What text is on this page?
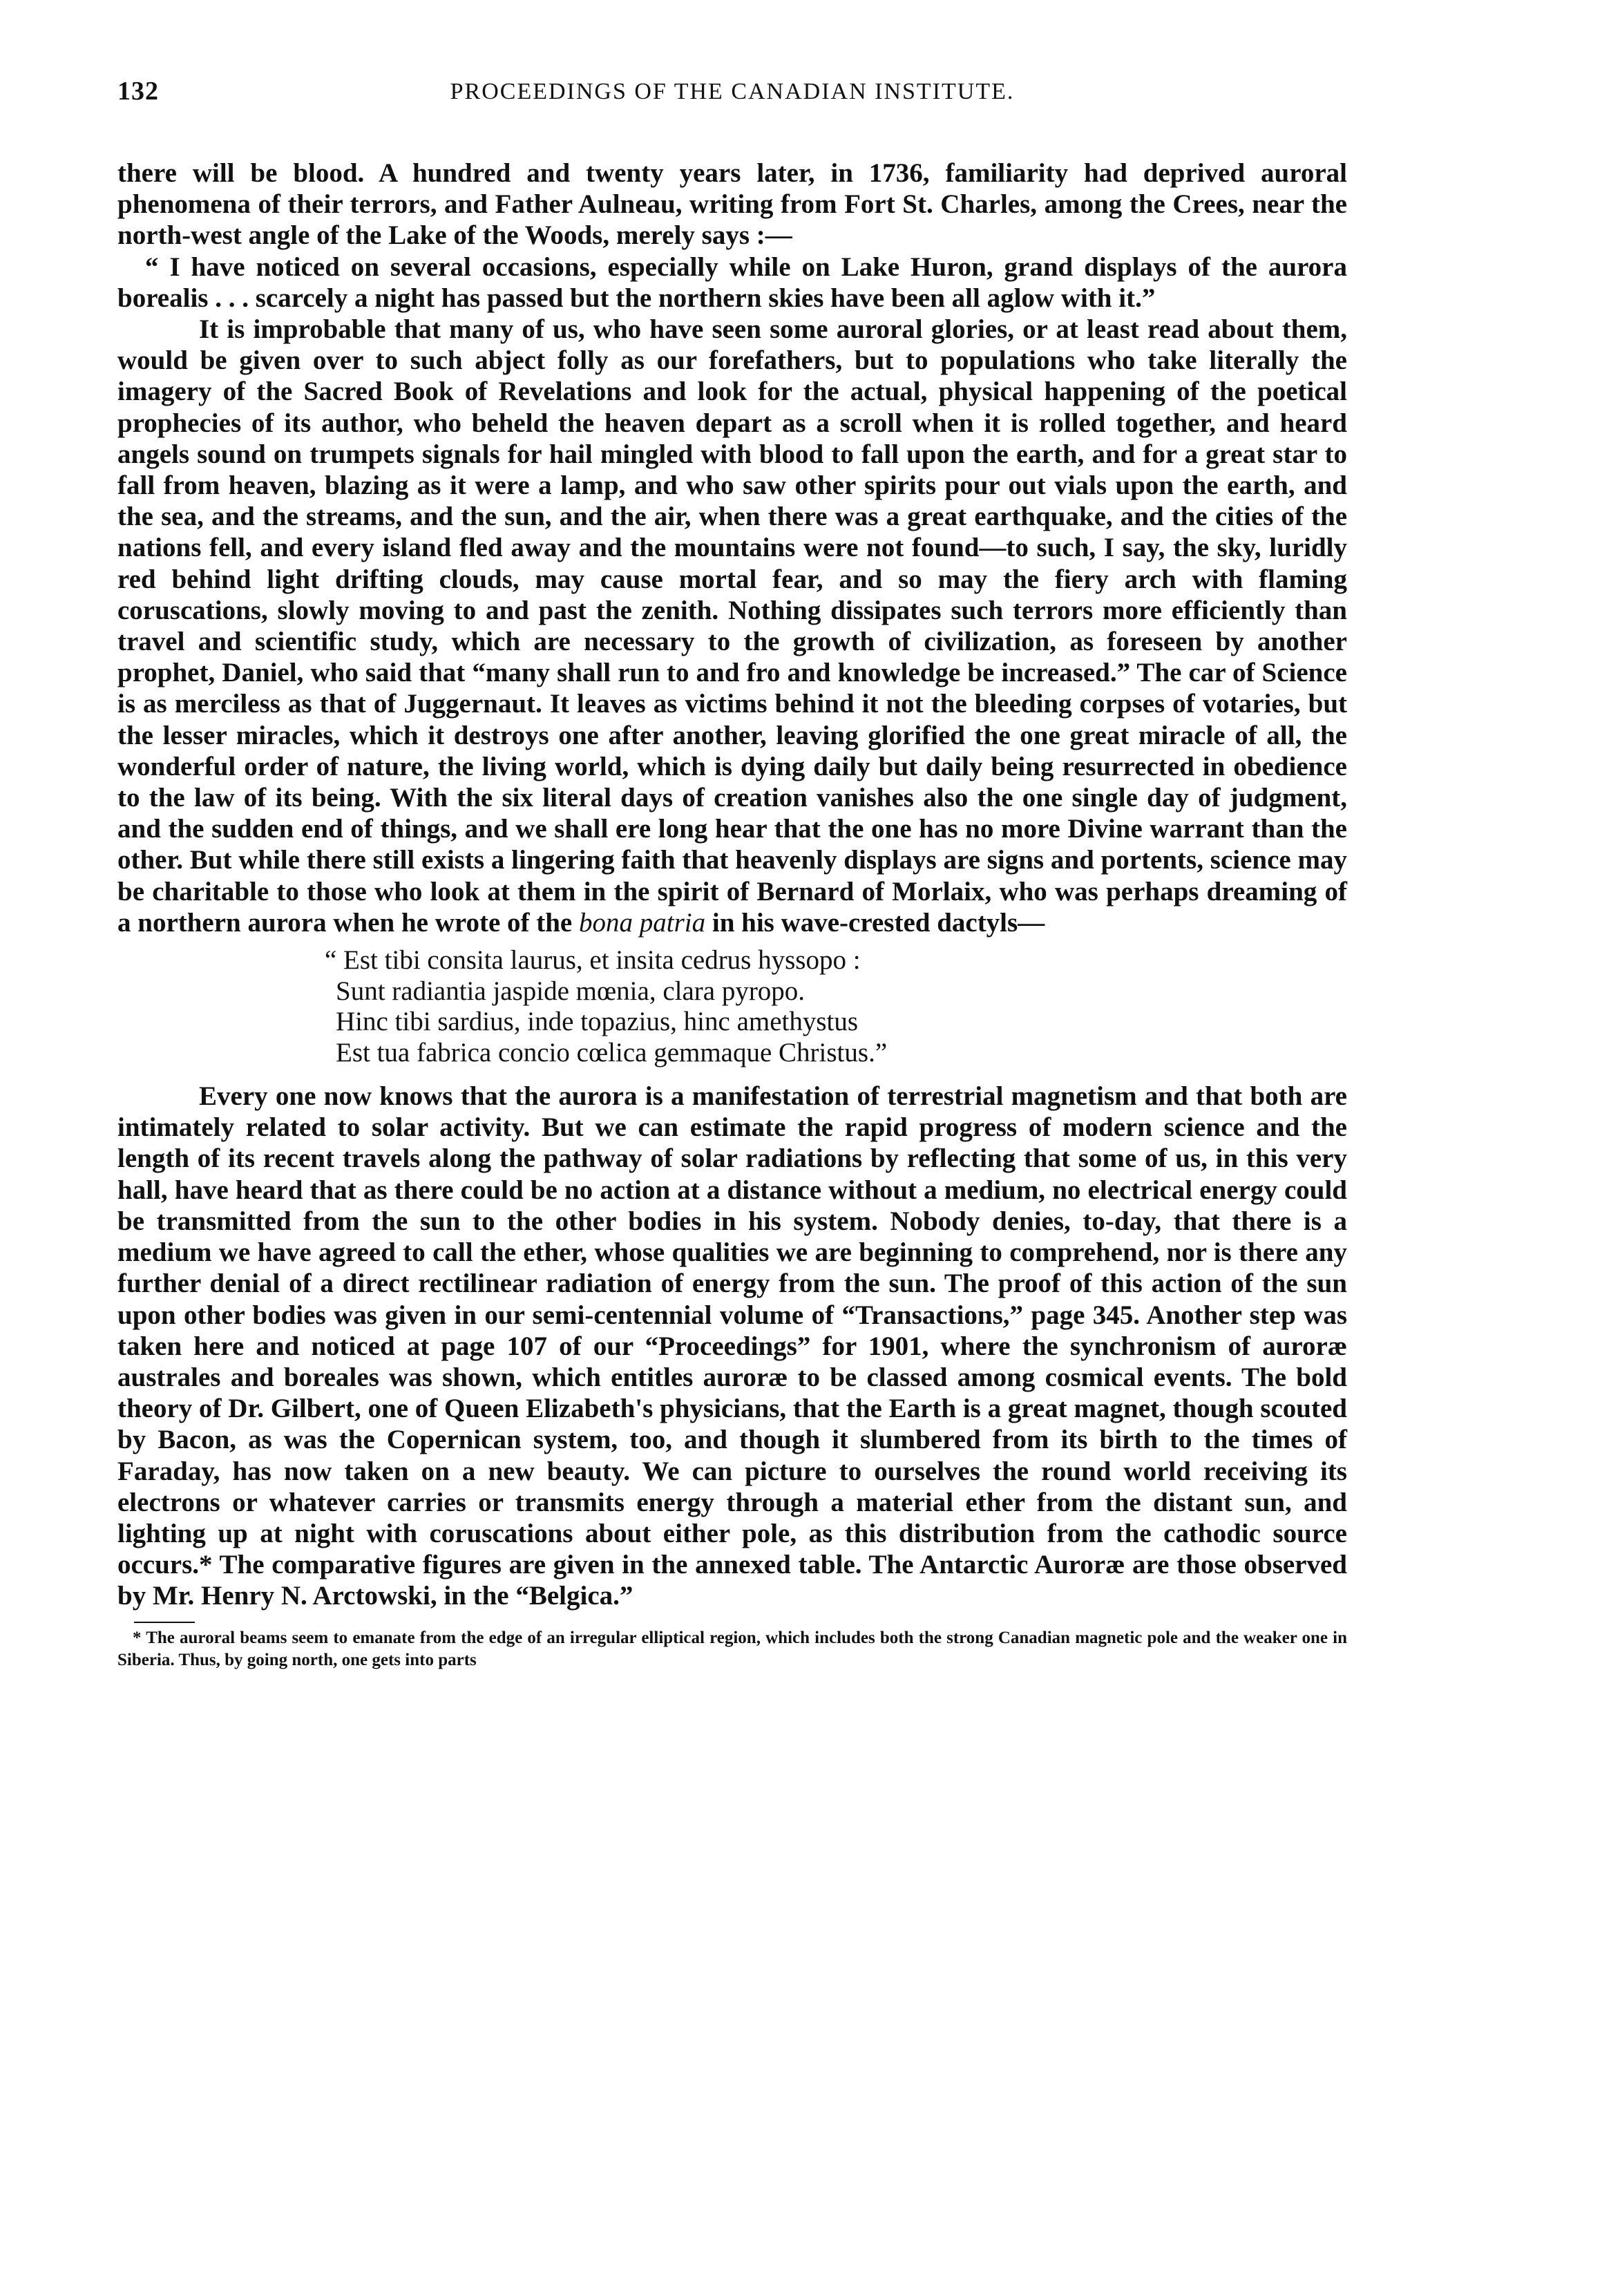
132	PROCEEDINGS OF THE CANADIAN INSTITUTE.

there will be blood. A hundred and twenty years later, in 1736, familiarity had deprived auroral phenomena of their terrors, and Father Aulneau, writing from Fort St. Charles, among the Crees, near the north-west angle of the Lake of the Woods, merely says :—

“ I have noticed on several occasions, especially while on Lake Huron, grand displays of the aurora borealis . . . scarcely a night has passed but the northern skies have been all aglow with it.”

It is improbable that many of us, who have seen some auroral glories, or at least read about them, would be given over to such abject folly as our forefathers, but to populations who take literally the imagery of the Sacred Book of Revelations and look for the actual, physical happening of the poetical prophecies of its author, who beheld the heaven depart as a scroll when it is rolled together, and heard angels sound on trumpets signals for hail mingled with blood to fall upon the earth, and for a great star to fall from heaven, blazing as it were a lamp, and who saw other spirits pour out vials upon the earth, and the sea, and the streams, and the sun, and the air, when there was a great earthquake, and the cities of the nations fell, and every island fled away and the mountains were not found—to such, I say, the sky, luridly red behind light drifting clouds, may cause mortal fear, and so may the fiery arch with flaming coruscations, slowly moving to and past the zenith. Nothing dissipates such terrors more efficiently than travel and scientific study, which are necessary to the growth of civilization, as foreseen by another prophet, Daniel, who said that “many shall run to and fro and knowledge be increased.” The car of Science is as merciless as that of Juggernaut. It leaves as victims behind it not the bleeding corpses of votaries, but the lesser miracles, which it destroys one after another, leaving glorified the one great miracle of all, the wonderful order of nature, the living world, which is dying daily but daily being resurrected in obedience to the law of its being. With the six literal days of creation vanishes also the one single day of judgment, and the sudden end of things, and we shall ere long hear that the one has no more Divine warrant than the other. But while there still exists a lingering faith that heavenly displays are signs and portents, science may be charitable to those who look at them in the spirit of Bernard of Morlaix, who was perhaps dreaming of a northern aurora when he wrote of the bona patria in his wave-crested dactyls—

“ Est tibi consita laurus, et insita cedrus hyssopo :
Sunt radiantia jaspide mœnia, clara pyropo.
Hinc tibi sardius, inde topazius, hinc amethystus
Est tua fabrica concio cœlica gemmaque Christus.”

Every one now knows that the aurora is a manifestation of terrestrial magnetism and that both are intimately related to solar activity. But we can estimate the rapid progress of modern science and the length of its recent travels along the pathway of solar radiations by reflecting that some of us, in this very hall, have heard that as there could be no action at a distance without a medium, no electrical energy could be transmitted from the sun to the other bodies in his system. Nobody denies, to-day, that there is a medium we have agreed to call the ether, whose qualities we are beginning to comprehend, nor is there any further denial of a direct rectilinear radiation of energy from the sun. The proof of this action of the sun upon other bodies was given in our semi-centennial volume of “Transactions,” page 345. Another step was taken here and noticed at page 107 of our “Proceedings” for 1901, where the synchronism of auroræ australes and boreales was shown, which entitles auroræ to be classed among cosmical events. The bold theory of Dr. Gilbert, one of Queen Elizabeth's physicians, that the Earth is a great magnet, though scouted by Bacon, as was the Copernican system, too, and though it slumbered from its birth to the times of Faraday, has now taken on a new beauty. We can picture to ourselves the round world receiving its electrons or whatever carries or transmits energy through a material ether from the distant sun, and lighting up at night with coruscations about either pole, as this distribution from the cathodic source occurs.* The comparative figures are given in the annexed table. The Antarctic Auroræ are those observed by Mr. Henry N. Arctowski, in the “Belgica.”

* The auroral beams seem to emanate from the edge of an irregular elliptical region, which includes both the strong Canadian magnetic pole and the weaker one in Siberia. Thus, by going north, one gets into parts
